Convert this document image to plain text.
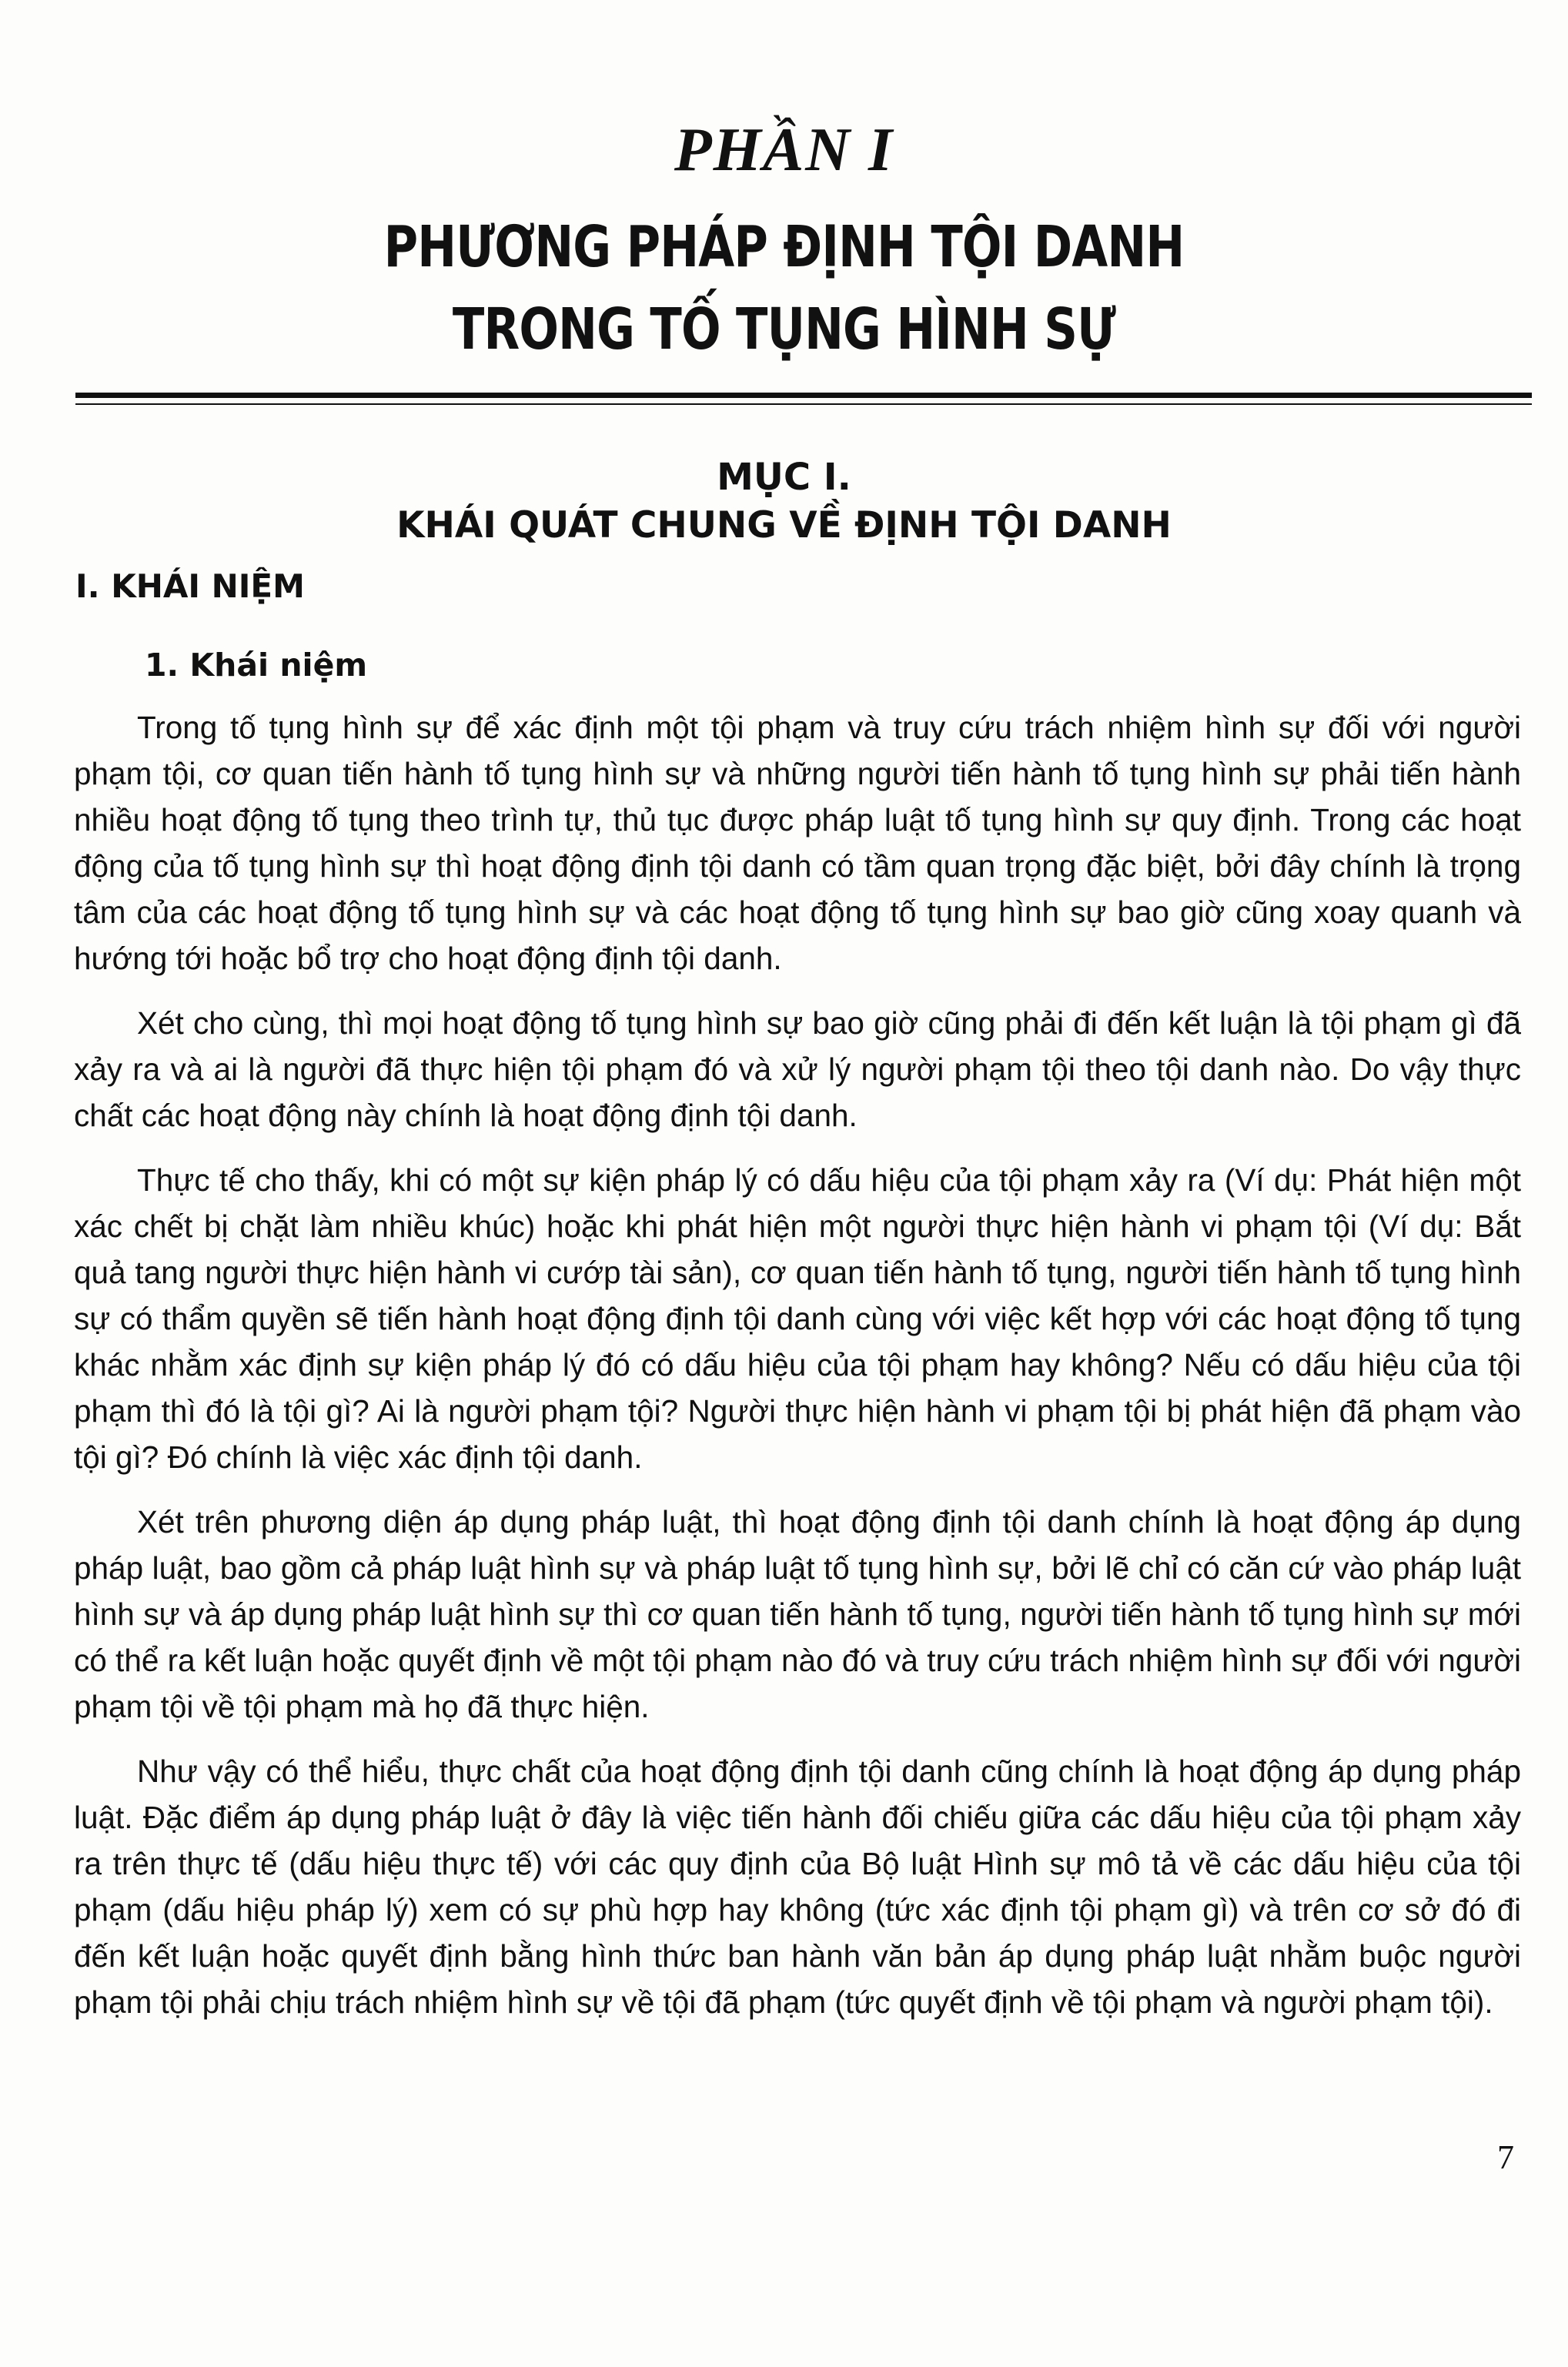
PHẦN I
PHƯƠNG PHÁP ĐỊNH TỘI DANH
TRONG TỐ TỤNG HÌNH SỰ
MỤC I.
KHÁI QUÁT CHUNG VỀ ĐỊNH TỘI DANH
I. KHÁI NIỆM
1. Khái niệm

Trong tố tụng hình sự để xác định một tội phạm và truy cứu trách nhiệm hình sự đối với người phạm tội, cơ quan tiến hành tố tụng hình sự và những người tiến hành tố tụng hình sự phải tiến hành nhiều hoạt động tố tụng theo trình tự, thủ tục được pháp luật tố tụng hình sự quy định. Trong các hoạt động của tố tụng hình sự thì hoạt động định tội danh có tầm quan trọng đặc biệt, bởi đây chính là trọng tâm của các hoạt động tố tụng hình sự và các hoạt động tố tụng hình sự bao giờ cũng xoay quanh và hướng tới hoặc bổ trợ cho hoạt động định tội danh.

Xét cho cùng, thì mọi hoạt động tố tụng hình sự bao giờ cũng phải đi đến kết luận là tội phạm gì đã xảy ra và ai là người đã thực hiện tội phạm đó và xử lý người phạm tội theo tội danh nào. Do vậy thực chất các hoạt động này chính là hoạt động định tội danh.

Thực tế cho thấy, khi có một sự kiện pháp lý có dấu hiệu của tội phạm xảy ra (Ví dụ: Phát hiện một xác chết bị chặt làm nhiều khúc) hoặc khi phát hiện một người thực hiện hành vi phạm tội (Ví dụ: Bắt quả tang người thực hiện hành vi cướp tài sản), cơ quan tiến hành tố tụng, người tiến hành tố tụng hình sự có thẩm quyền sẽ tiến hành hoạt động định tội danh cùng với việc kết hợp với các hoạt động tố tụng khác nhằm xác định sự kiện pháp lý đó có dấu hiệu của tội phạm hay không? Nếu có dấu hiệu của tội phạm thì đó là tội gì? Ai là người phạm tội? Người thực hiện hành vi phạm tội bị phát hiện đã phạm vào tội gì? Đó chính là việc xác định tội danh.

Xét trên phương diện áp dụng pháp luật, thì hoạt động định tội danh chính là hoạt động áp dụng pháp luật, bao gồm cả pháp luật hình sự và pháp luật tố tụng hình sự, bởi lẽ chỉ có căn cứ vào pháp luật hình sự và áp dụng pháp luật hình sự thì cơ quan tiến hành tố tụng, người tiến hành tố tụng hình sự mới có thể ra kết luận hoặc quyết định về một tội phạm nào đó và truy cứu trách nhiệm hình sự đối với người phạm tội về tội phạm mà họ đã thực hiện.

Như vậy có thể hiểu, thực chất của hoạt động định tội danh cũng chính là hoạt động áp dụng pháp luật. Đặc điểm áp dụng pháp luật ở đây là việc tiến hành đối chiếu giữa các dấu hiệu của tội phạm xảy ra trên thực tế (dấu hiệu thực tế) với các quy định của Bộ luật Hình sự mô tả về các dấu hiệu của tội phạm (dấu hiệu pháp lý) xem có sự phù hợp hay không (tức xác định tội phạm gì) và trên cơ sở đó đi đến kết luận hoặc quyết định bằng hình thức ban hành văn bản áp dụng pháp luật nhằm buộc người phạm tội phải chịu trách nhiệm hình sự về tội đã phạm (tức quyết định về tội phạm và người phạm tội).

7
